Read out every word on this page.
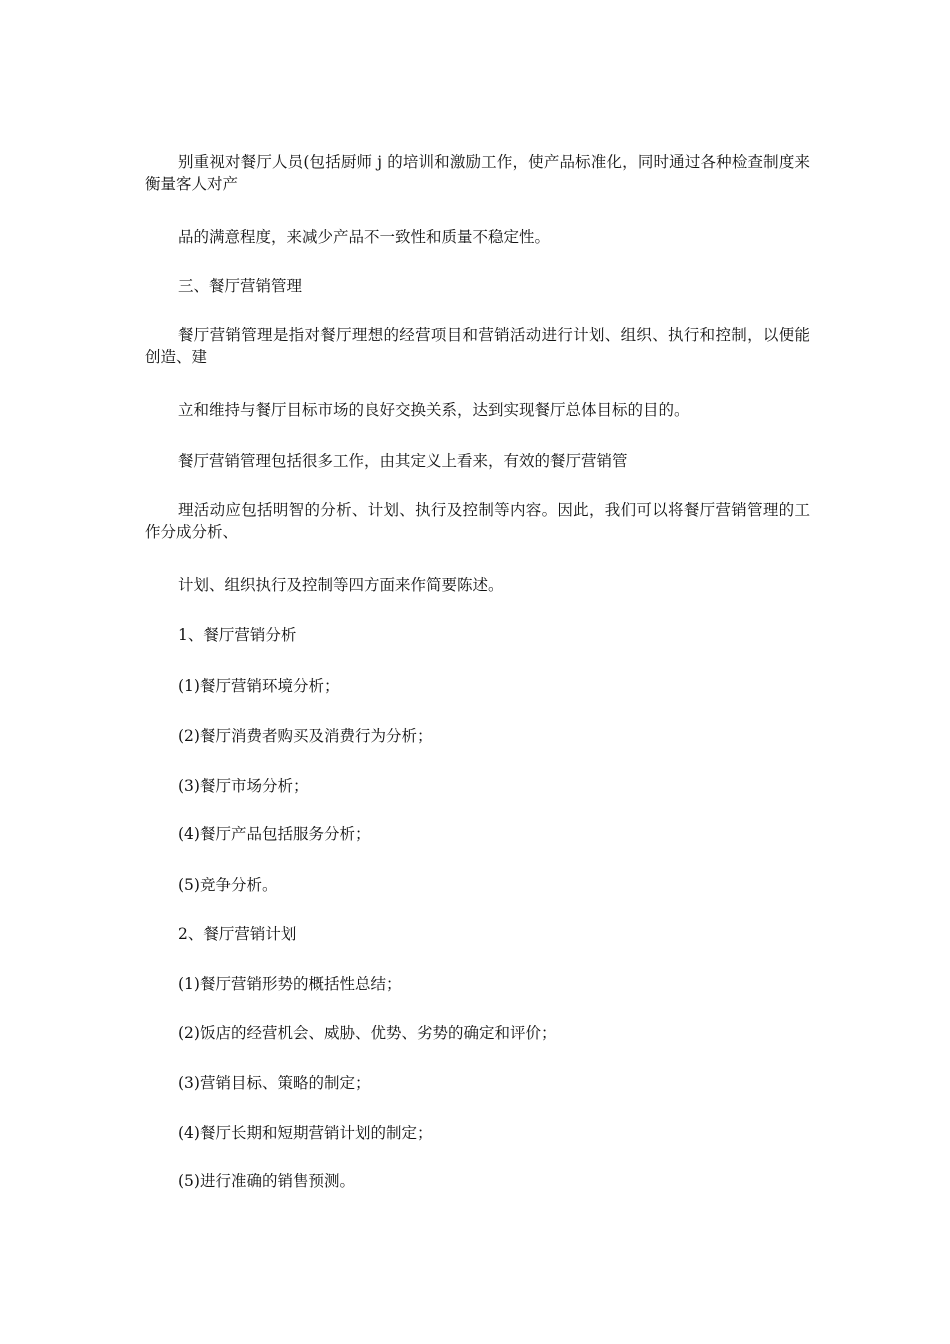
别重视对餐厅人员(包括厨师 j 的培训和激励工作，使产品标准化，同时通过各种检查制度来衡量客人对产

品的满意程度，来减少产品不一致性和质量不稳定性。

三、餐厅营销管理

餐厅营销管理是指对餐厅理想的经营项目和营销活动进行计划、组织、执行和控制，以便能创造、建

立和维持与餐厅目标市场的良好交换关系，达到实现餐厅总体目标的目的。

餐厅营销管理包括很多工作，由其定义上看来，有效的餐厅营销管

理活动应包括明智的分析、计划、执行及控制等内容。因此，我们可以将餐厅营销管理的工作分成分析、

计划、组织执行及控制等四方面来作简要陈述。

1、餐厅营销分析

(1)餐厅营销环境分析；

(2)餐厅消费者购买及消费行为分析；

(3)餐厅市场分析；

(4)餐厅产品包括服务分析；

(5)竞争分析。

2、餐厅营销计划

(1)餐厅营销形势的概括性总结；

(2)饭店的经营机会、威胁、优势、劣势的确定和评价；

(3)营销目标、策略的制定；

(4)餐厅长期和短期营销计划的制定；

(5)进行准确的销售预测。
